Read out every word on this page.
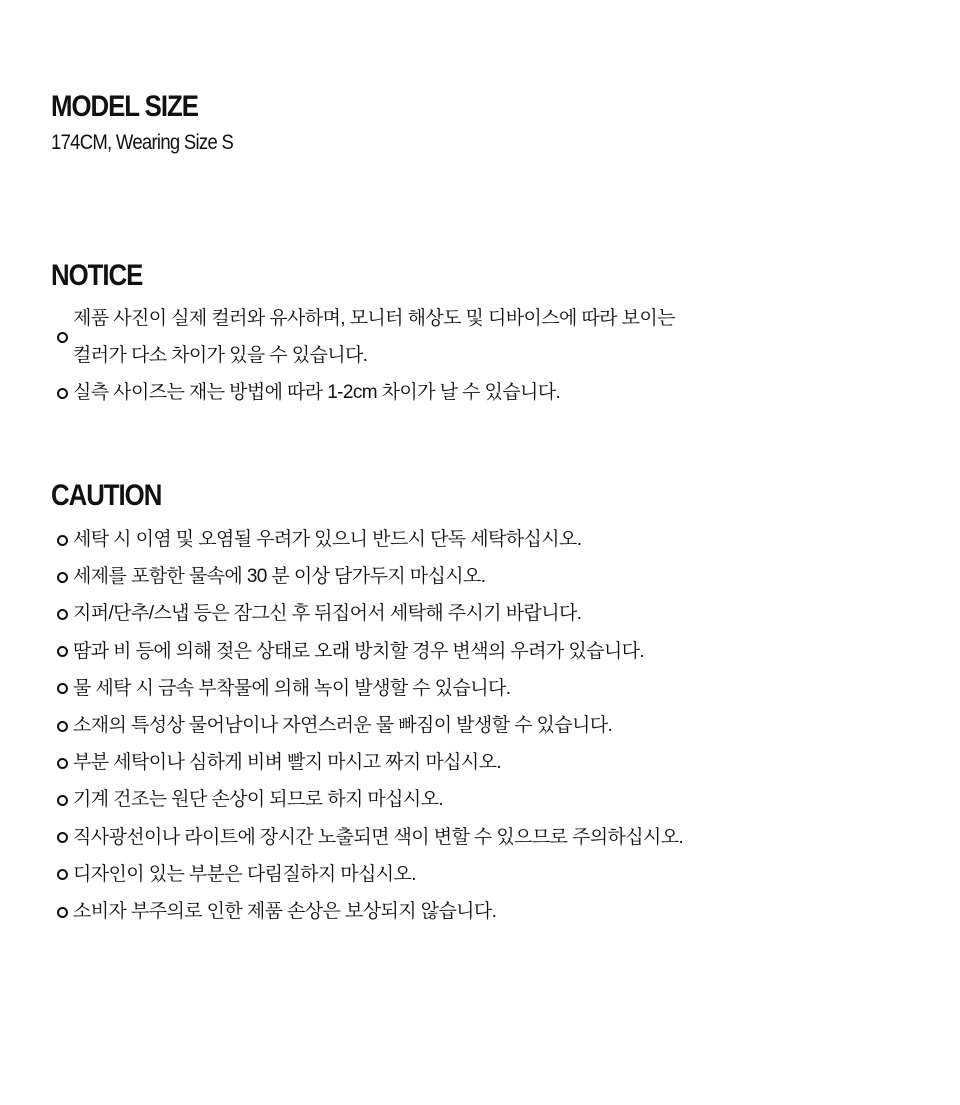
MODEL SIZE
174CM, Wearing Size S
NOTICE
제품 사진이 실제 컬러와 유사하며, 모니터 해상도 및 디바이스에 따라 보이는
컬러가 다소 차이가 있을 수 있습니다.
실측 사이즈는 재는 방법에 따라 1-2cm 차이가 날 수 있습니다.
CAUTION
세탁 시 이염 및 오염될 우려가 있으니 반드시 단독 세탁하십시오.
세제를 포함한 물속에 30 분 이상 담가두지 마십시오.
지퍼/단추/스냅 등은 잠그신 후 뒤집어서 세탁해 주시기 바랍니다.
땀과 비 등에 의해 젖은 상태로 오래 방치할 경우 변색의 우려가 있습니다.
물 세탁 시 금속 부착물에 의해 녹이 발생할 수 있습니다.
소재의 특성상 물어남이나 자연스러운 물 빠짐이 발생할 수 있습니다.
부분 세탁이나 심하게 비벼 빨지 마시고 짜지 마십시오.
기계 건조는 원단 손상이 되므로 하지 마십시오.
직사광선이나 라이트에 장시간 노출되면 색이 변할 수 있으므로 주의하십시오.
디자인이 있는 부분은 다림질하지 마십시오.
소비자 부주의로 인한 제품 손상은 보상되지 않습니다.
